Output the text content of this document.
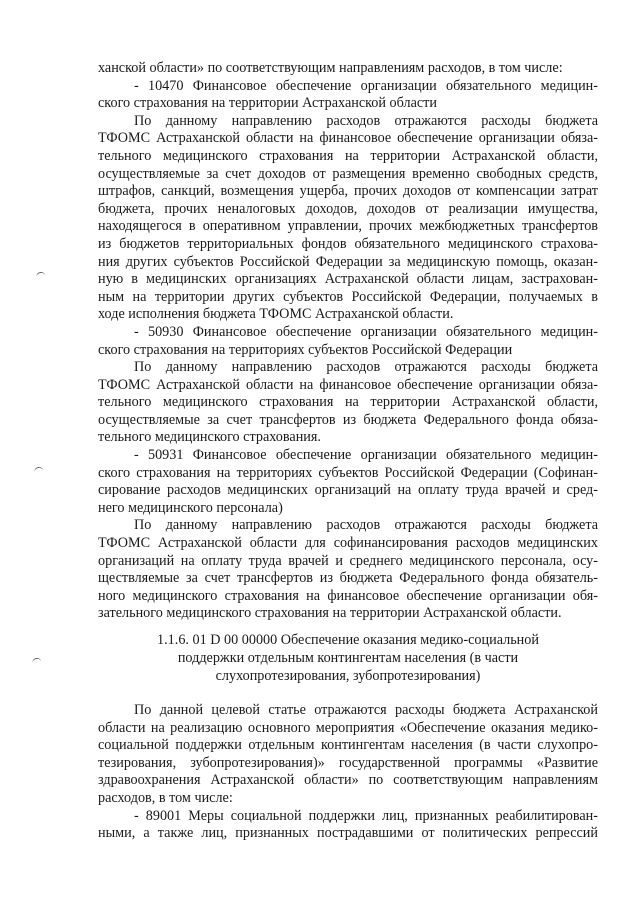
ханской области» по соответствующим направлениям расходов, в том числе:
- 10470 Финансовое обеспечение организации обязательного медицин-
ского страхования на территории Астраханской области
По данному направлению расходов отражаются расходы бюджета
ТФОМС Астраханской области на финансовое обеспечение организации обяза-
тельного медицинского страхования на территории Астраханской области,
осуществляемые за счет доходов от размещения временно свободных средств,
штрафов, санкций, возмещения ущерба, прочих доходов от компенсации затрат
бюджета, прочих неналоговых доходов, доходов от реализации имущества,
находящегося в оперативном управлении, прочих межбюджетных трансфертов
из бюджетов территориальных фондов обязательного медицинского страхова-
ния других субъектов Российской Федерации за медицинскую помощь, оказан-
ную в медицинских организациях Астраханской области лицам, застрахован-
ным на территории других субъектов Российской Федерации, получаемых в
ходе исполнения бюджета ТФОМС Астраханской области.
- 50930 Финансовое обеспечение организации обязательного медицин-
ского страхования на территориях субъектов Российской Федерации
По данному направлению расходов отражаются расходы бюджета
ТФОМС Астраханской области на финансовое обеспечение организации обяза-
тельного медицинского страхования на территории Астраханской области,
осуществляемые за счет трансфертов из бюджета Федерального фонда обяза-
тельного медицинского страхования.
- 50931 Финансовое обеспечение организации обязательного медицин-
ского страхования на территориях субъектов Российской Федерации (Софинан-
сирование расходов медицинских организаций на оплату труда врачей и сред-
него медицинского персонала)
По данному направлению расходов отражаются расходы бюджета
ТФОМС Астраханской области для софинансирования расходов медицинских
организаций на оплату труда врачей и среднего медицинского персонала, осу-
ществляемые за счет трансфертов из бюджета Федерального фонда обязатель-
ного медицинского страхования на финансовое обеспечение организации обя-
зательного медицинского страхования на территории Астраханской области.
1.1.6. 01 D 00 00000 Обеспечение оказания медико-социальной
поддержки отдельным контингентам населения (в части
слухопротезирования, зубопротезирования)
По данной целевой статье отражаются расходы бюджета Астраханской
области на реализацию основного мероприятия «Обеспечение оказания медико-
социальной поддержки отдельным контингентам населения (в части слухопро-
тезирования, зубопротезирования)» государственной программы «Развитие
здравоохранения Астраханской области» по соответствующим направлениям
расходов, в том числе:
- 89001 Меры социальной поддержки лиц, признанных реабилитирован-
ными, а также лиц, признанных пострадавшими от политических репрессий
